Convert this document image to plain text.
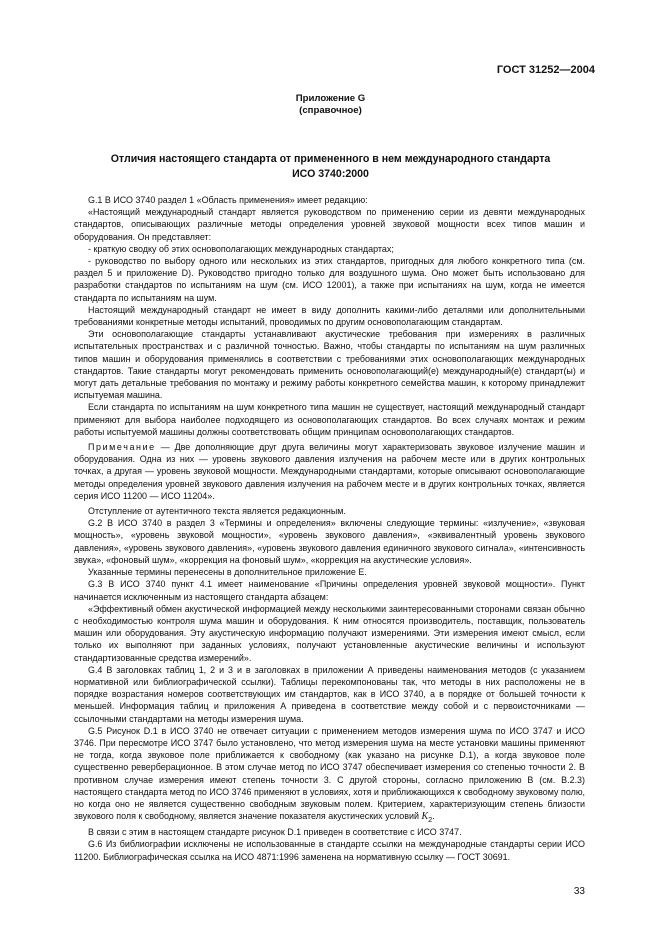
ГОСТ 31252—2004
Приложение G
(справочное)
Отличия настоящего стандарта от примененного в нем международного стандарта
ИСО 3740:2000

G.1 В ИСО 3740 раздел 1 «Область применения» имеет редакцию:

«Настоящий международный стандарт является руководством по применению серии из девяти международных стандартов, описывающих различные методы определения уровней звуковой мощности всех типов машин и оборудования. Он представляет:

- краткую сводку об этих основополагающих международных стандартах;

- руководство по выбору одного или нескольких из этих стандартов, пригодных для любого конкретного типа (см. раздел 5 и приложение D). Руководство пригодно только для воздушного шума. Оно может быть использовано для разработки стандартов по испытаниям на шум (см. ИСО 12001), а также при испытаниях на шум, когда не имеется стандарта по испытаниям на шум.

Настоящий международный стандарт не имеет в виду дополнить какими-либо деталями или дополнительными требованиями конкретные методы испытаний, проводимых по другим основополагающим стандартам.

Эти основополагающие стандарты устанавливают акустические требования при измерениях в различных испытательных пространствах и с различной точностью. Важно, чтобы стандарты по испытаниям на шум различных типов машин и оборудования применялись в соответствии с требованиями этих основополагающих международных стандартов. Такие стандарты могут рекомендовать применить основополагающий(е) международный(е) стандарт(ы) и могут дать детальные требования по монтажу и режиму работы конкретного семейства машин, к которому принадлежит испытуемая машина.

Если стандарта по испытаниям на шум конкретного типа машин не существует, настоящий международный стандарт применяют для выбора наиболее подходящего из основополагающих стандартов. Во всех случаях монтаж и режим работы испытуемой машины должны соответствовать общим принципам основополагающих стандартов.

Примечание — Две дополняющие друг друга величины могут характеризовать звуковое излучение машин и оборудования. Одна из них — уровень звукового давления излучения на рабочем месте или в других контрольных точках, а другая — уровень звуковой мощности. Международными стандартами, которые описывают основополагающие методы определения уровней звукового давления излучения на рабочем месте и в других контрольных точках, является серия ИСО 11200 — ИСО 11204».

Отступление от аутентичного текста является редакционным.

G.2 В ИСО 3740 в раздел 3 «Термины и определения» включены следующие термины: «излучение», «звуковая мощность», «уровень звуковой мощности», «уровень звукового давления», «эквивалентный уровень звукового давления», «уровень звукового давления», «уровень звукового давления единичного звукового сигнала», «интенсивность звука», «фоновый шум», «коррекция на фоновый шум», «коррекция на акустические условия».

Указанные термины перенесены в дополнительное приложение Е.

G.3 В ИСО 3740 пункт 4.1 имеет наименование «Причины определения уровней звуковой мощности». Пункт начинается исключенным из настоящего стандарта абзацем:

«Эффективный обмен акустической информацией между несколькими заинтересованными сторонами связан обычно с необходимостью контроля шума машин и оборудования. К ним относятся производитель, поставщик, пользователь машин или оборудования. Эту акустическую информацию получают измерениями. Эти измерения имеют смысл, если только их выполняют при заданных условиях, получают установленные акустические величины и используют стандартизованные средства измерений».

G.4 В заголовках таблиц 1, 2 и 3 и в заголовках в приложении А приведены наименования методов (с указанием нормативной или библиографической ссылки). Таблицы перекомпонованы так, что методы в них расположены не в порядке возрастания номеров соответствующих им стандартов, как в ИСО 3740, а в порядке от большей точности к меньшей. Информация таблиц и приложения А приведена в соответствие между собой и с первоисточниками — ссылочными стандартами на методы измерения шума.

G.5 Рисунок D.1 в ИСО 3740 не отвечает ситуации с применением методов измерения шума по ИСО 3747 и ИСО 3746. При пересмотре ИСО 3747 было установлено, что метод измерения шума на месте установки машины применяют не тогда, когда звуковое поле приближается к свободному (как указано на рисунке D.1), а когда звуковое поле существенно реверберационное. В этом случае метод по ИСО 3747 обеспечивает измерения со степенью точности 2. В противном случае измерения имеют степень точности 3. С другой стороны, согласно приложению В (см. В.2.3) настоящего стандарта метод по ИСО 3746 применяют в условиях, хотя и приближающихся к свободному звуковому полю, но когда оно не является существенно свободным звуковым полем. Критерием, характеризующим степень близости звукового поля к свободному, является значение показателя акустических условий $K_2$.

В связи с этим в настоящем стандарте рисунок D.1 приведен в соответствие с ИСО 3747.

G.6 Из библиографии исключены не использованные в стандарте ссылки на международные стандарты серии ИСО 11200. Библиографическая ссылка на ИСО 4871:1996 заменена на нормативную ссылку — ГОСТ 30691.

33
